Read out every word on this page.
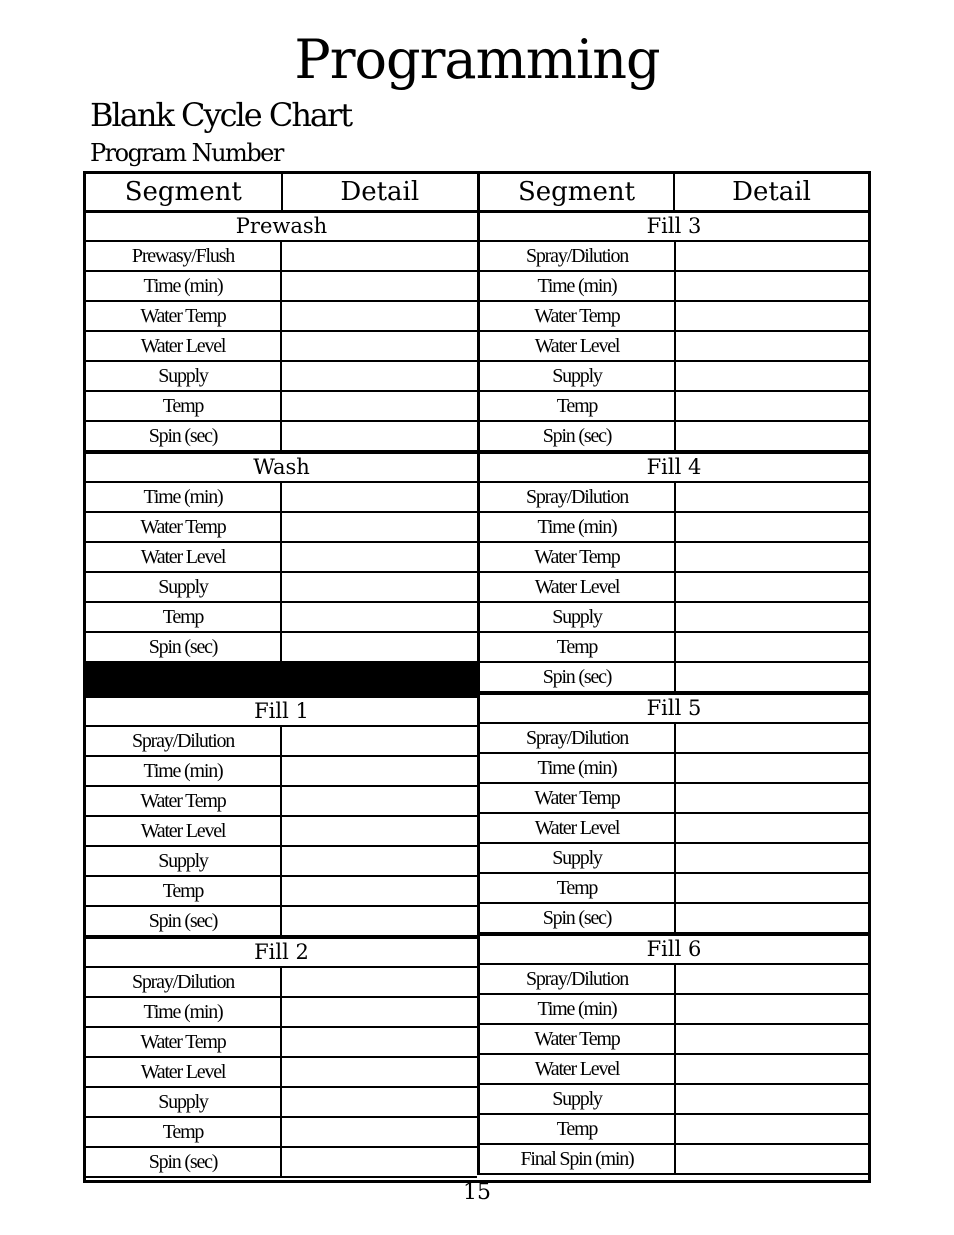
Programming
Blank Cycle Chart
Program Number
Segment	Detail
Prewash
Prewasy/Flush
Time (min)
Water Temp
Water Level
Supply
Temp
Spin (sec)
Wash
Time (min)
Water Temp
Water Level
Supply
Temp
Spin (sec)
Fill 1
Spray/Dilution
Time (min)
Water Temp
Water Level
Supply
Temp
Spin (sec)
Fill 2
Spray/Dilution
Time (min)
Water Temp
Water Level
Supply
Temp
Spin (sec)
Segment	Detail
Fill 3
Spray/Dilution
Time (min)
Water Temp
Water Level
Supply
Temp
Spin (sec)
Fill 4
Spray/Dilution
Time (min)
Water Temp
Water Level
Supply
Temp
Spin (sec)
Fill 5
Spray/Dilution
Time (min)
Water Temp
Water Level
Supply
Temp
Spin (sec)
Fill 6
Spray/Dilution
Time (min)
Water Temp
Water Level
Supply
Temp
Final Spin (min)
15
